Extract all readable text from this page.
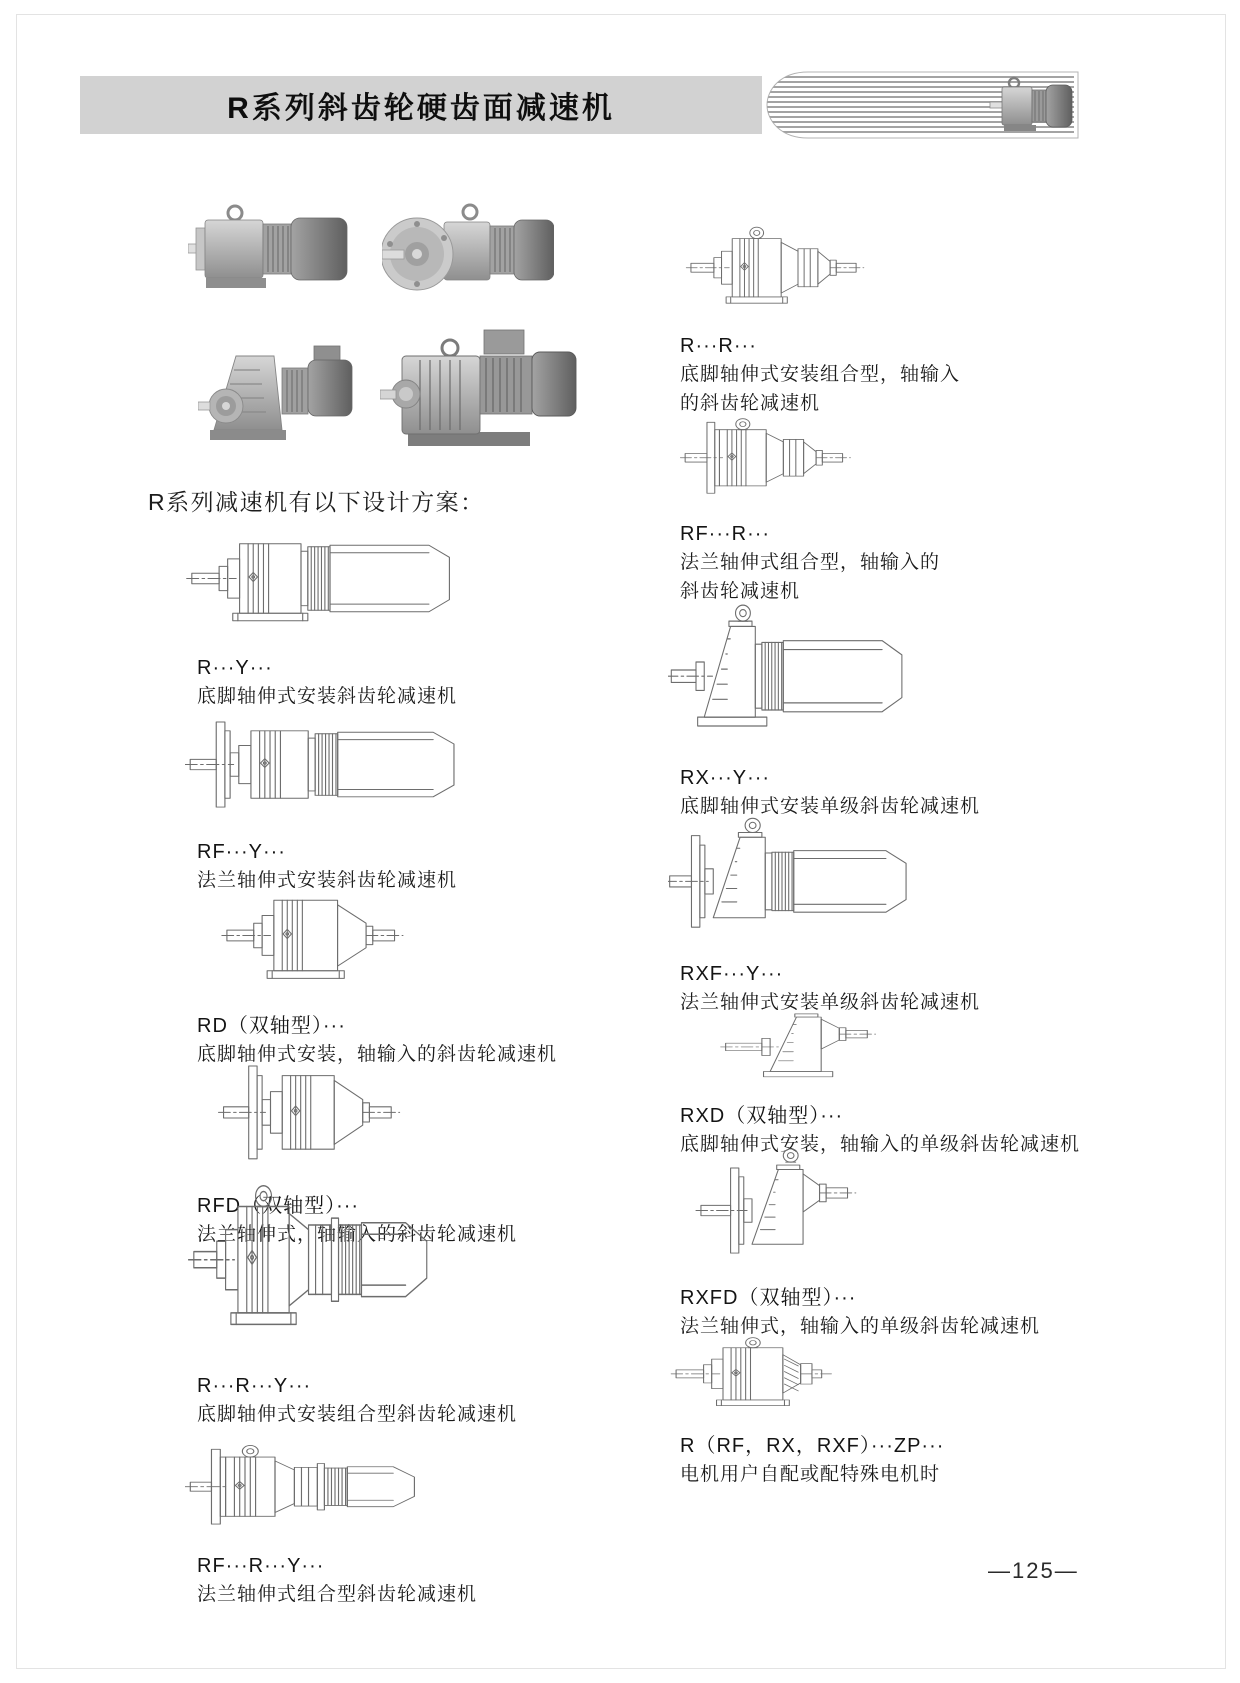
R系列斜齿轮硬齿面减速机
R系列减速机有以下设计方案：
—125—
R···Y···
底脚轴伸式安装斜齿轮减速机
RF···Y···
法兰轴伸式安装斜齿轮减速机
RD（双轴型）···
底脚轴伸式安装，轴输入的斜齿轮减速机
RFD（双轴型）···
法兰轴伸式，轴输入的斜齿轮减速机
R···R···Y···
底脚轴伸式安装组合型斜齿轮减速机
RF···R···Y···
法兰轴伸式组合型斜齿轮减速机
R···R···
底脚轴伸式安装组合型，轴输入
的斜齿轮减速机
RF···R···
法兰轴伸式组合型，轴输入的
斜齿轮减速机
RX···Y···
底脚轴伸式安装单级斜齿轮减速机
RXF···Y···
法兰轴伸式安装单级斜齿轮减速机
RXD（双轴型）···
底脚轴伸式安装，轴输入的单级斜齿轮减速机
RXFD（双轴型）···
法兰轴伸式，轴输入的单级斜齿轮减速机
R（RF，RX，RXF）···ZP···
电机用户自配或配特殊电机时
